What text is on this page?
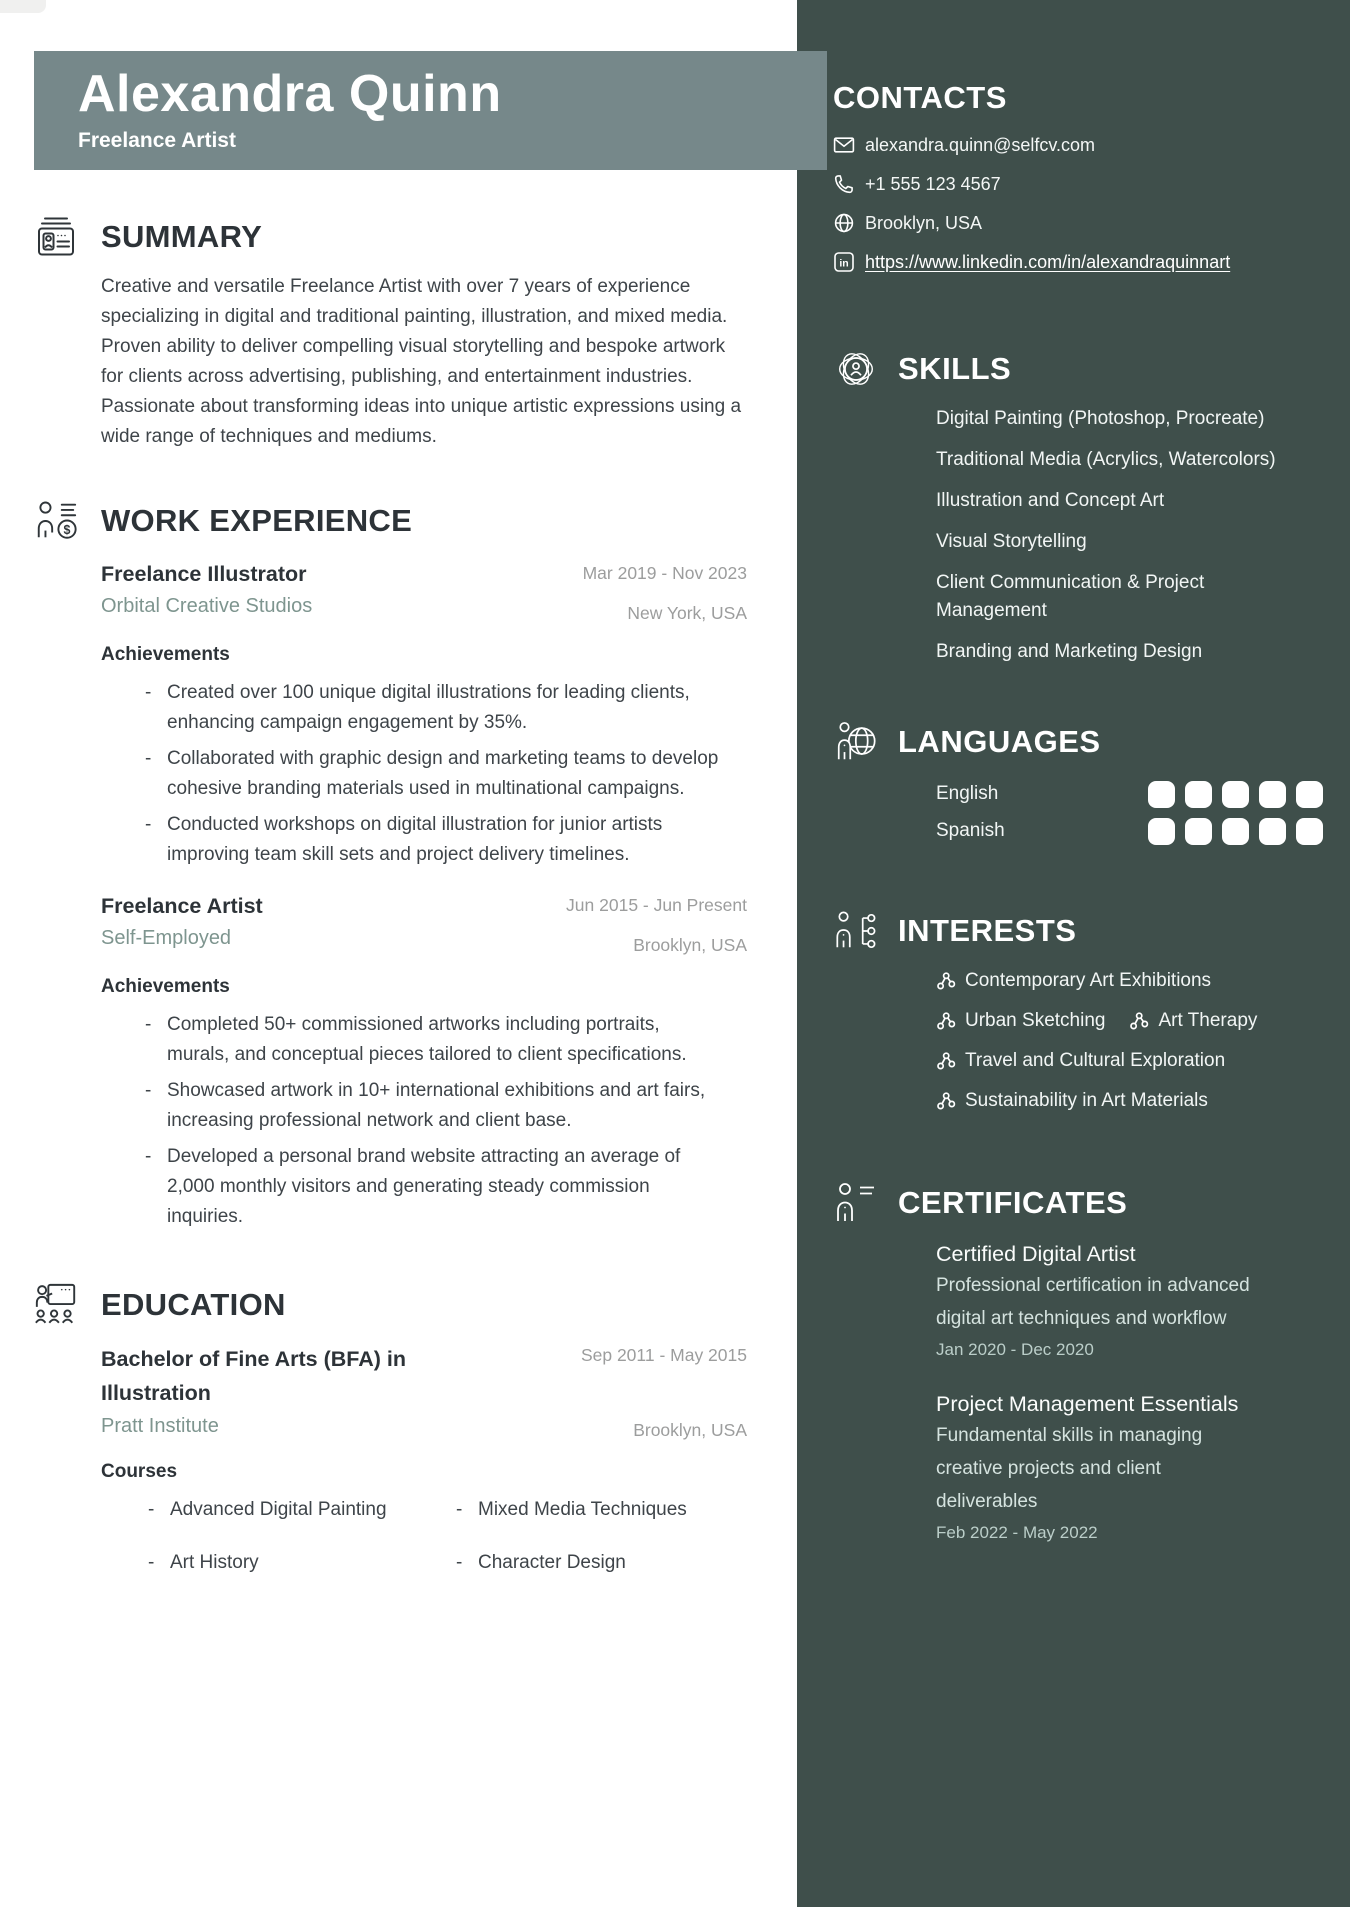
CONTACTS
alexandra.quinn@selfcv.com
+1 555 123 4567
Brooklyn, USA
in https://www.linkedin.com/in/alexandraquinnart
SKILLS
Digital Painting (Photoshop, Procreate)
Traditional Media (Acrylics, Watercolors)
Illustration and Concept Art
Visual Storytelling
Client Communication & Project Management
Branding and Marketing Design
LANGUAGES
English
Spanish
INTERESTS
Contemporary Art Exhibitions
Urban Sketching	Art Therapy
Travel and Cultural Exploration
Sustainability in Art Materials
CERTIFICATES
Certified Digital Artist
Professional certification in advanced digital art techniques and workflow
Jan 2020 - Dec 2020
Project Management Essentials
Fundamental skills in managing creative projects and client deliverables
Feb 2022 - May 2022
Alexandra Quinn
Freelance Artist
SUMMARY

Creative and versatile Freelance Artist with over 7 years of experience specializing in digital and traditional painting, illustration, and mixed media. Proven ability to deliver compelling visual storytelling and bespoke artwork for clients across advertising, publishing, and entertainment industries. Passionate about transforming ideas into unique artistic expressions using a wide range of techniques and mediums.

$ WORK EXPERIENCE
Freelance Illustrator
Orbital Creative Studios
Mar 2019 - Nov 2023
New York, USA
Achievements
- Created over 100 unique digital illustrations for leading clients, enhancing campaign engagement by 35%.
- Collaborated with graphic design and marketing teams to develop cohesive branding materials used in multinational campaigns.
- Conducted workshops on digital illustration for junior artists improving team skill sets and project delivery timelines.
Freelance Artist
Self-Employed
Jun 2015 - Jun Present
Brooklyn, USA
Achievements
- Completed 50+ commissioned artworks including portraits, murals, and conceptual pieces tailored to client specifications.
- Showcased artwork in 10+ international exhibitions and art fairs, increasing professional network and client base.
- Developed a personal brand website attracting an average of 2,000 monthly visitors and generating steady commission inquiries.
EDUCATION
Bachelor of Fine Arts (BFA) in Illustration
Pratt Institute
Sep 2011 - May 2015
Brooklyn, USA
Courses
- Advanced Digital Painting	- Mixed Media Techniques
- Art History	- Character Design
